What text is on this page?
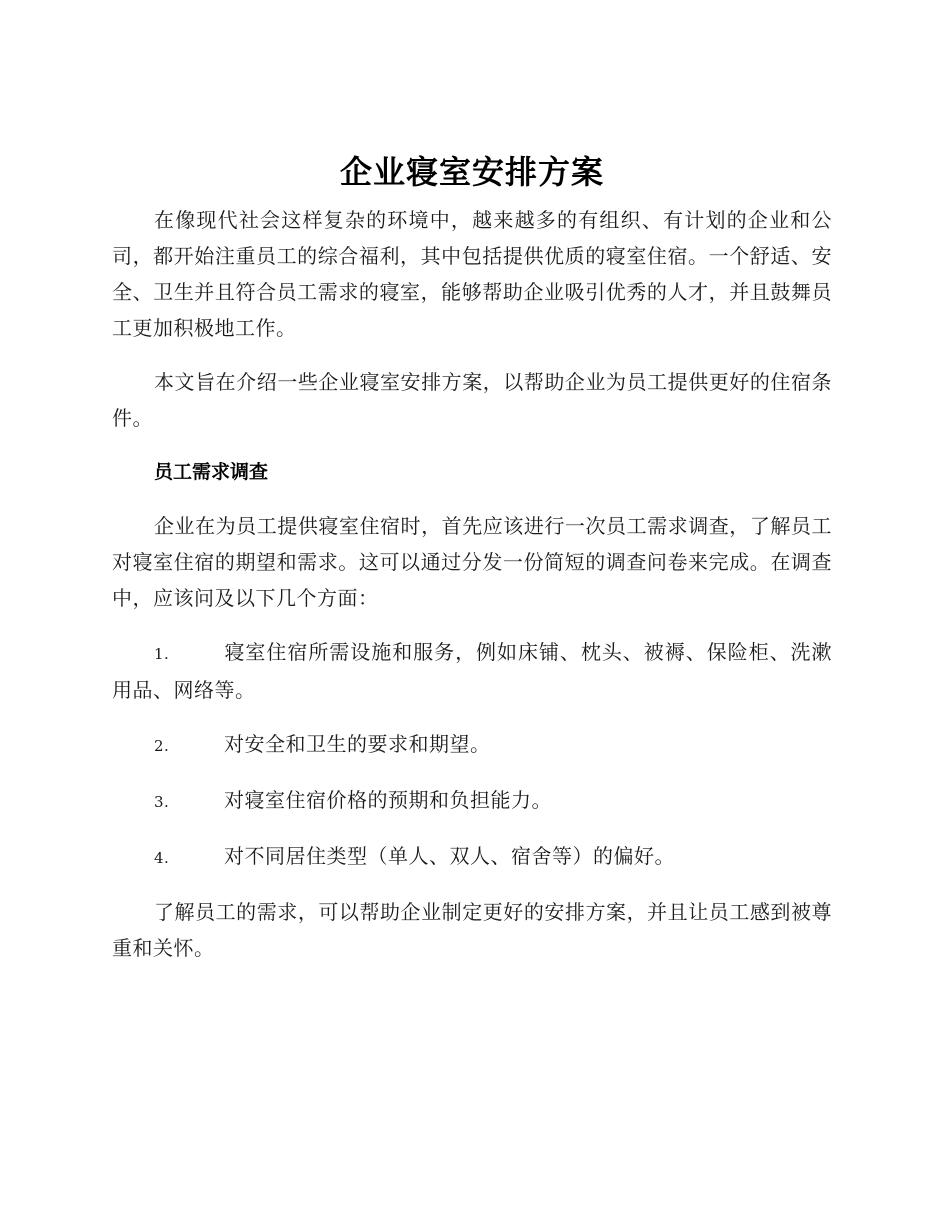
企业寝室安排方案

在像现代社会这样复杂的环境中，越来越多的有组织、有计划的企业和公司，都开始注重员工的综合福利，其中包括提供优质的寝室住宿。一个舒适、安全、卫生并且符合员工需求的寝室，能够帮助企业吸引优秀的人才，并且鼓舞员工更加积极地工作。

本文旨在介绍一些企业寝室安排方案，以帮助企业为员工提供更好的住宿条件。

员工需求调查

企业在为员工提供寝室住宿时，首先应该进行一次员工需求调查，了解员工对寝室住宿的期望和需求。这可以通过分发一份简短的调查问卷来完成。在调查中，应该问及以下几个方面：

1.	寝室住宿所需设施和服务，例如床铺、枕头、被褥、保险柜、洗漱用品、网络等。

2.	对安全和卫生的要求和期望。

3.	对寝室住宿价格的预期和负担能力。

4.	对不同居住类型（单人、双人、宿舍等）的偏好。

了解员工的需求，可以帮助企业制定更好的安排方案，并且让员工感到被尊重和关怀。
